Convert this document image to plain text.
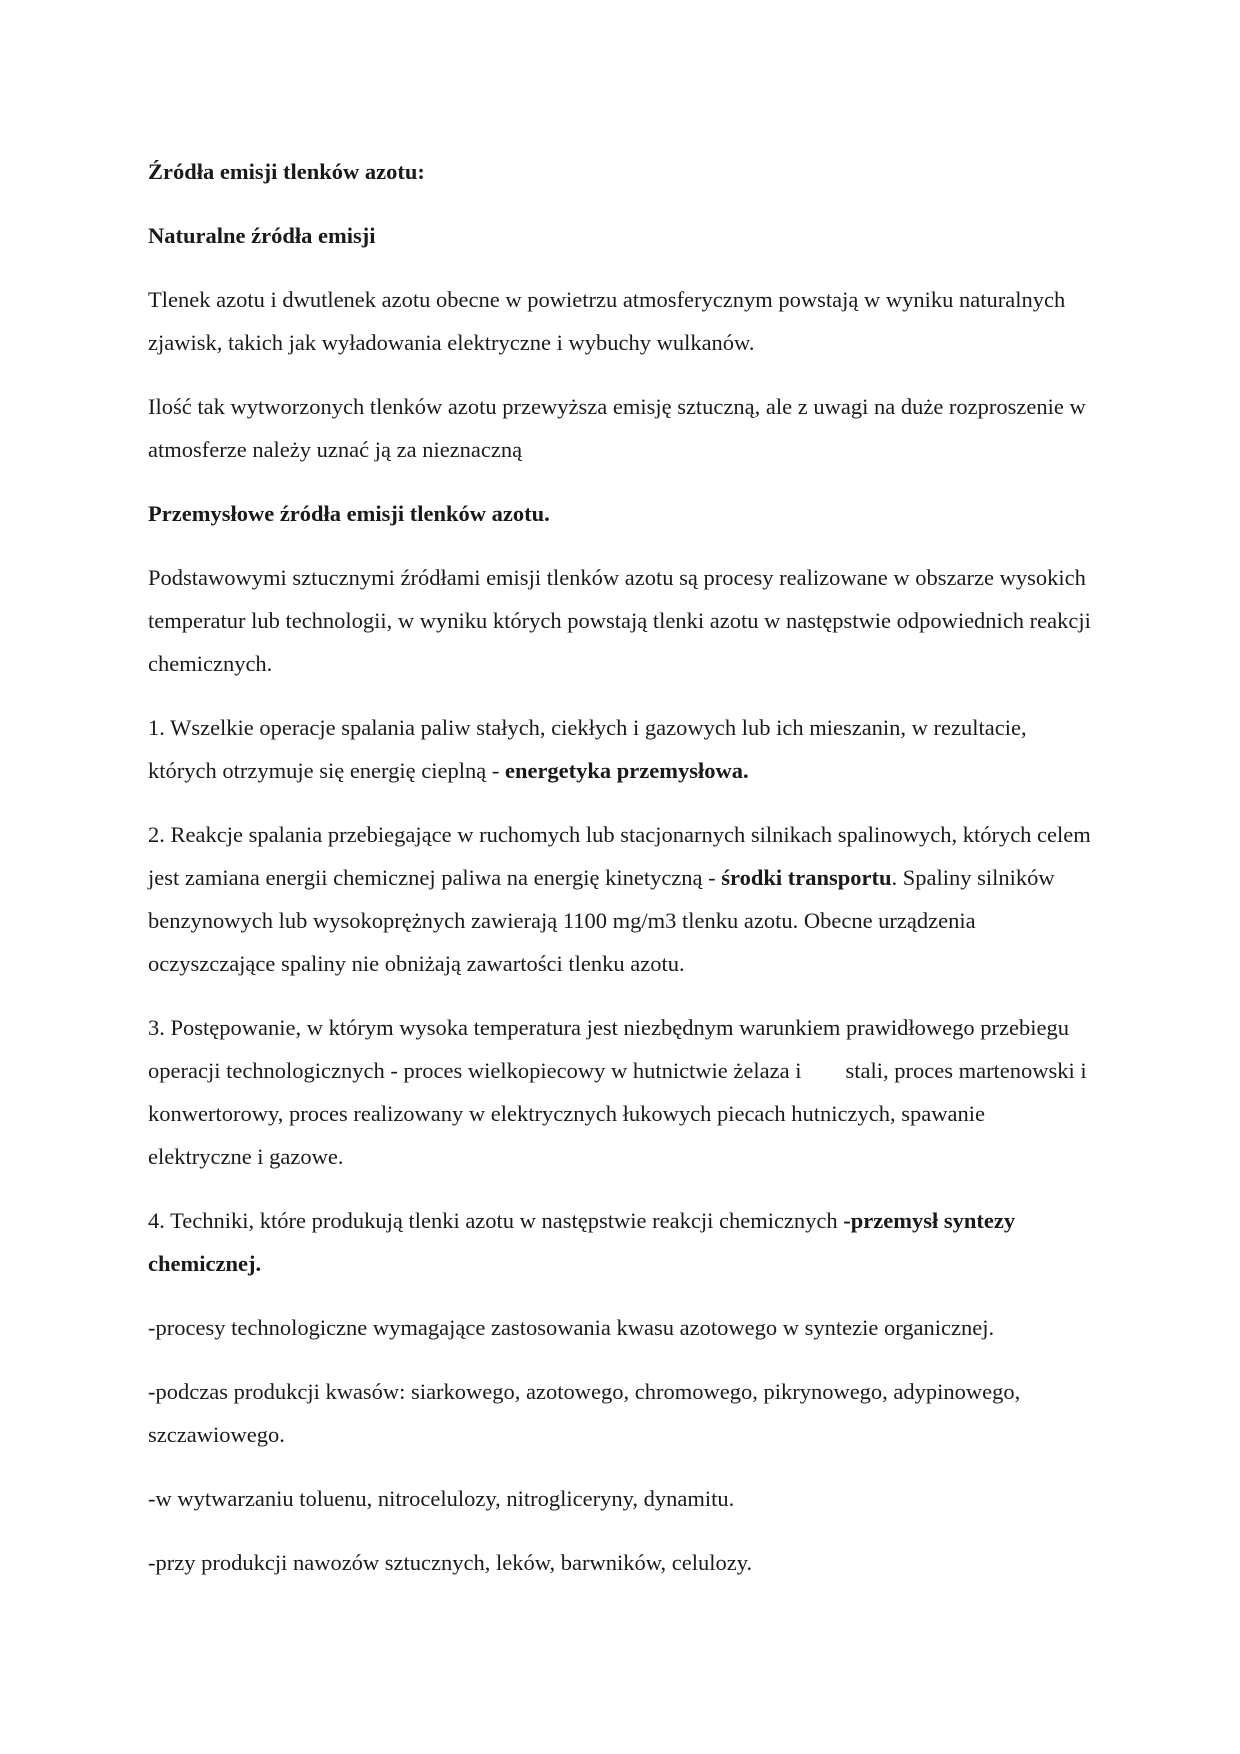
Źródła emisji tlenków azotu:

Naturalne źródła emisji

Tlenek azotu i dwutlenek azotu obecne w powietrzu atmosferycznym powstają w wyniku naturalnych zjawisk, takich jak wyładowania elektryczne i wybuchy wulkanów.

Ilość tak wytworzonych tlenków azotu przewyższa emisję sztuczną, ale z uwagi na duże rozproszenie w atmosferze należy uznać ją za nieznaczną

Przemysłowe źródła emisji tlenków azotu.

Podstawowymi sztucznymi źródłami emisji tlenków azotu są procesy realizowane w obszarze wysokich temperatur lub technologii, w wyniku których powstają tlenki azotu w następstwie odpowiednich reakcji chemicznych.

1. Wszelkie operacje spalania paliw stałych, ciekłych i gazowych lub ich mieszanin, w rezultacie, których otrzymuje się energię cieplną - energetyka przemysłowa.

2. Reakcje spalania przebiegające w ruchomych lub stacjonarnych silnikach spalinowych, których celem jest zamiana energii chemicznej paliwa na energię kinetyczną - środki transportu. Spaliny silników benzynowych lub wysokoprężnych zawierają 1100 mg/m3 tlenku azotu. Obecne urządzenia oczyszczające spaliny nie obniżają zawartości tlenku azotu.

3. Postępowanie, w którym wysoka temperatura jest niezbędnym warunkiem prawidłowego przebiegu operacji technologicznych - proces wielkopiecowy w hutnictwie żelaza i stali, proces martenowski i konwertorowy, proces realizowany w elektrycznych łukowych piecach hutniczych, spawanie elektryczne i gazowe.

4. Techniki, które produkują tlenki azotu w następstwie reakcji chemicznych -przemysł syntezy chemicznej.

-procesy technologiczne wymagające zastosowania kwasu azotowego w syntezie organicznej.

-podczas produkcji kwasów: siarkowego, azotowego, chromowego, pikrynowego, adypinowego, szczawiowego.

-w wytwarzaniu toluenu, nitrocelulozy, nitrogliceryny, dynamitu.

-przy produkcji nawozów sztucznych, leków, barwników, celulozy.
